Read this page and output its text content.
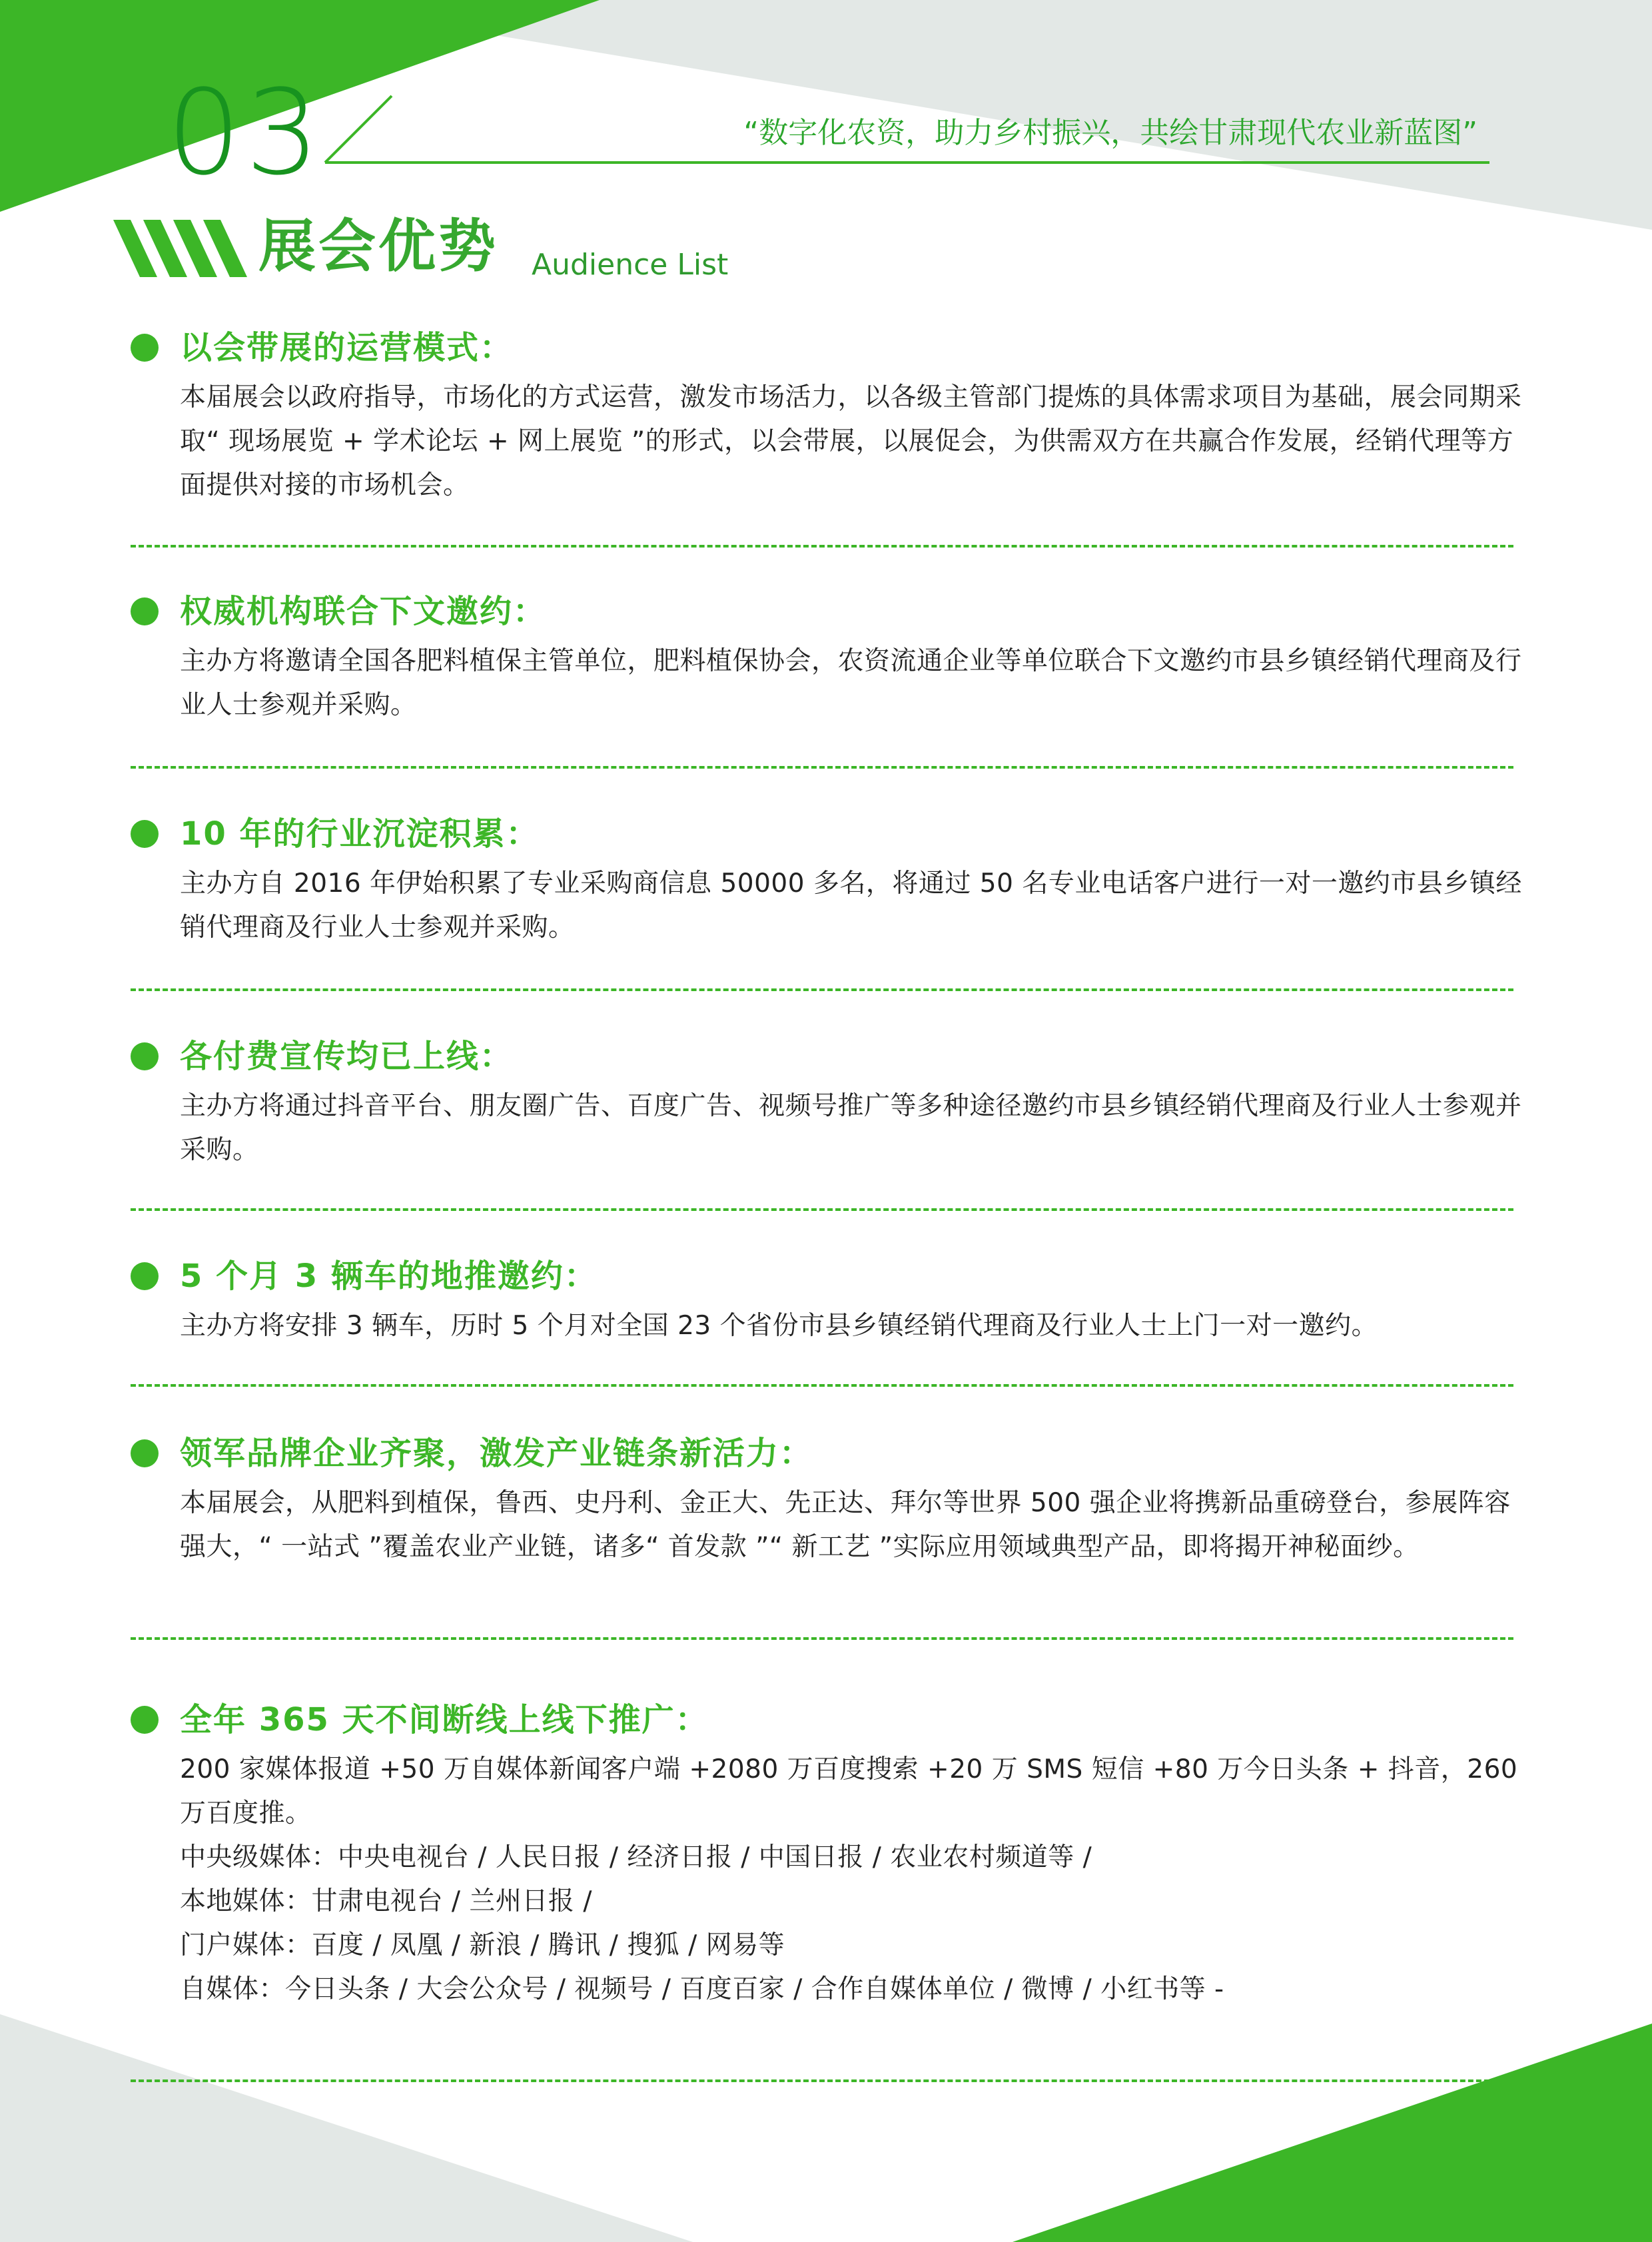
03	“数字化农资，助力乡村振兴，共绘甘肃现代农业新蓝图”
展会优势 Audience List
以会带展的运营模式：

本届展会以政府指导，市场化的方式运营，激发市场活力，以各级主管部门提炼的具体需求项目为基础，展会同期采取“ 现场展览 + 学术论坛 + 网上展览 ”的形式，以会带展，以展促会，为供需双方在共赢合作发展，经销代理等方面提供对接的市场机会。

权威机构联合下文邀约：

主办方将邀请全国各肥料植保主管单位，肥料植保协会，农资流通企业等单位联合下文邀约市县乡镇经销代理商及行业人士参观并采购。

10 年的行业沉淀积累：

主办方自 2016 年伊始积累了专业采购商信息 50000 多名，将通过 50 名专业电话客户进行一对一邀约市县乡镇经销代理商及行业人士参观并采购。

各付费宣传均已上线：

主办方将通过抖音平台、朋友圈广告、百度广告、视频号推广等多种途径邀约市县乡镇经销代理商及行业人士参观并采购。

5 个月 3 辆车的地推邀约：

主办方将安排 3 辆车，历时 5 个月对全国 23 个省份市县乡镇经销代理商及行业人士上门一对一邀约。

领军品牌企业齐聚，激发产业链条新活力：

本届展会，从肥料到植保，鲁西、史丹利、金正大、先正达、拜尔等世界 500 强企业将携新品重磅登台，参展阵容强大，“ 一站式 ”覆盖农业产业链，诸多“ 首发款 ”“ 新工艺 ”实际应用领域典型产品，即将揭开神秘面纱。

全年 365 天不间断线上线下推广：

200 家媒体报道 +50 万自媒体新闻客户端 +2080 万百度搜索 +20 万 SMS 短信 +80 万今日头条 + 抖音，260 万百度推。

中央级媒体：中央电视台 / 人民日报 / 经济日报 / 中国日报 / 农业农村频道等 /

本地媒体：甘肃电视台 / 兰州日报 /

门户媒体：百度 / 凤凰 / 新浪 / 腾讯 / 搜狐 / 网易等

自媒体：今日头条 / 大会公众号 / 视频号 / 百度百家 / 合作自媒体单位 / 微博 / 小红书等 -
